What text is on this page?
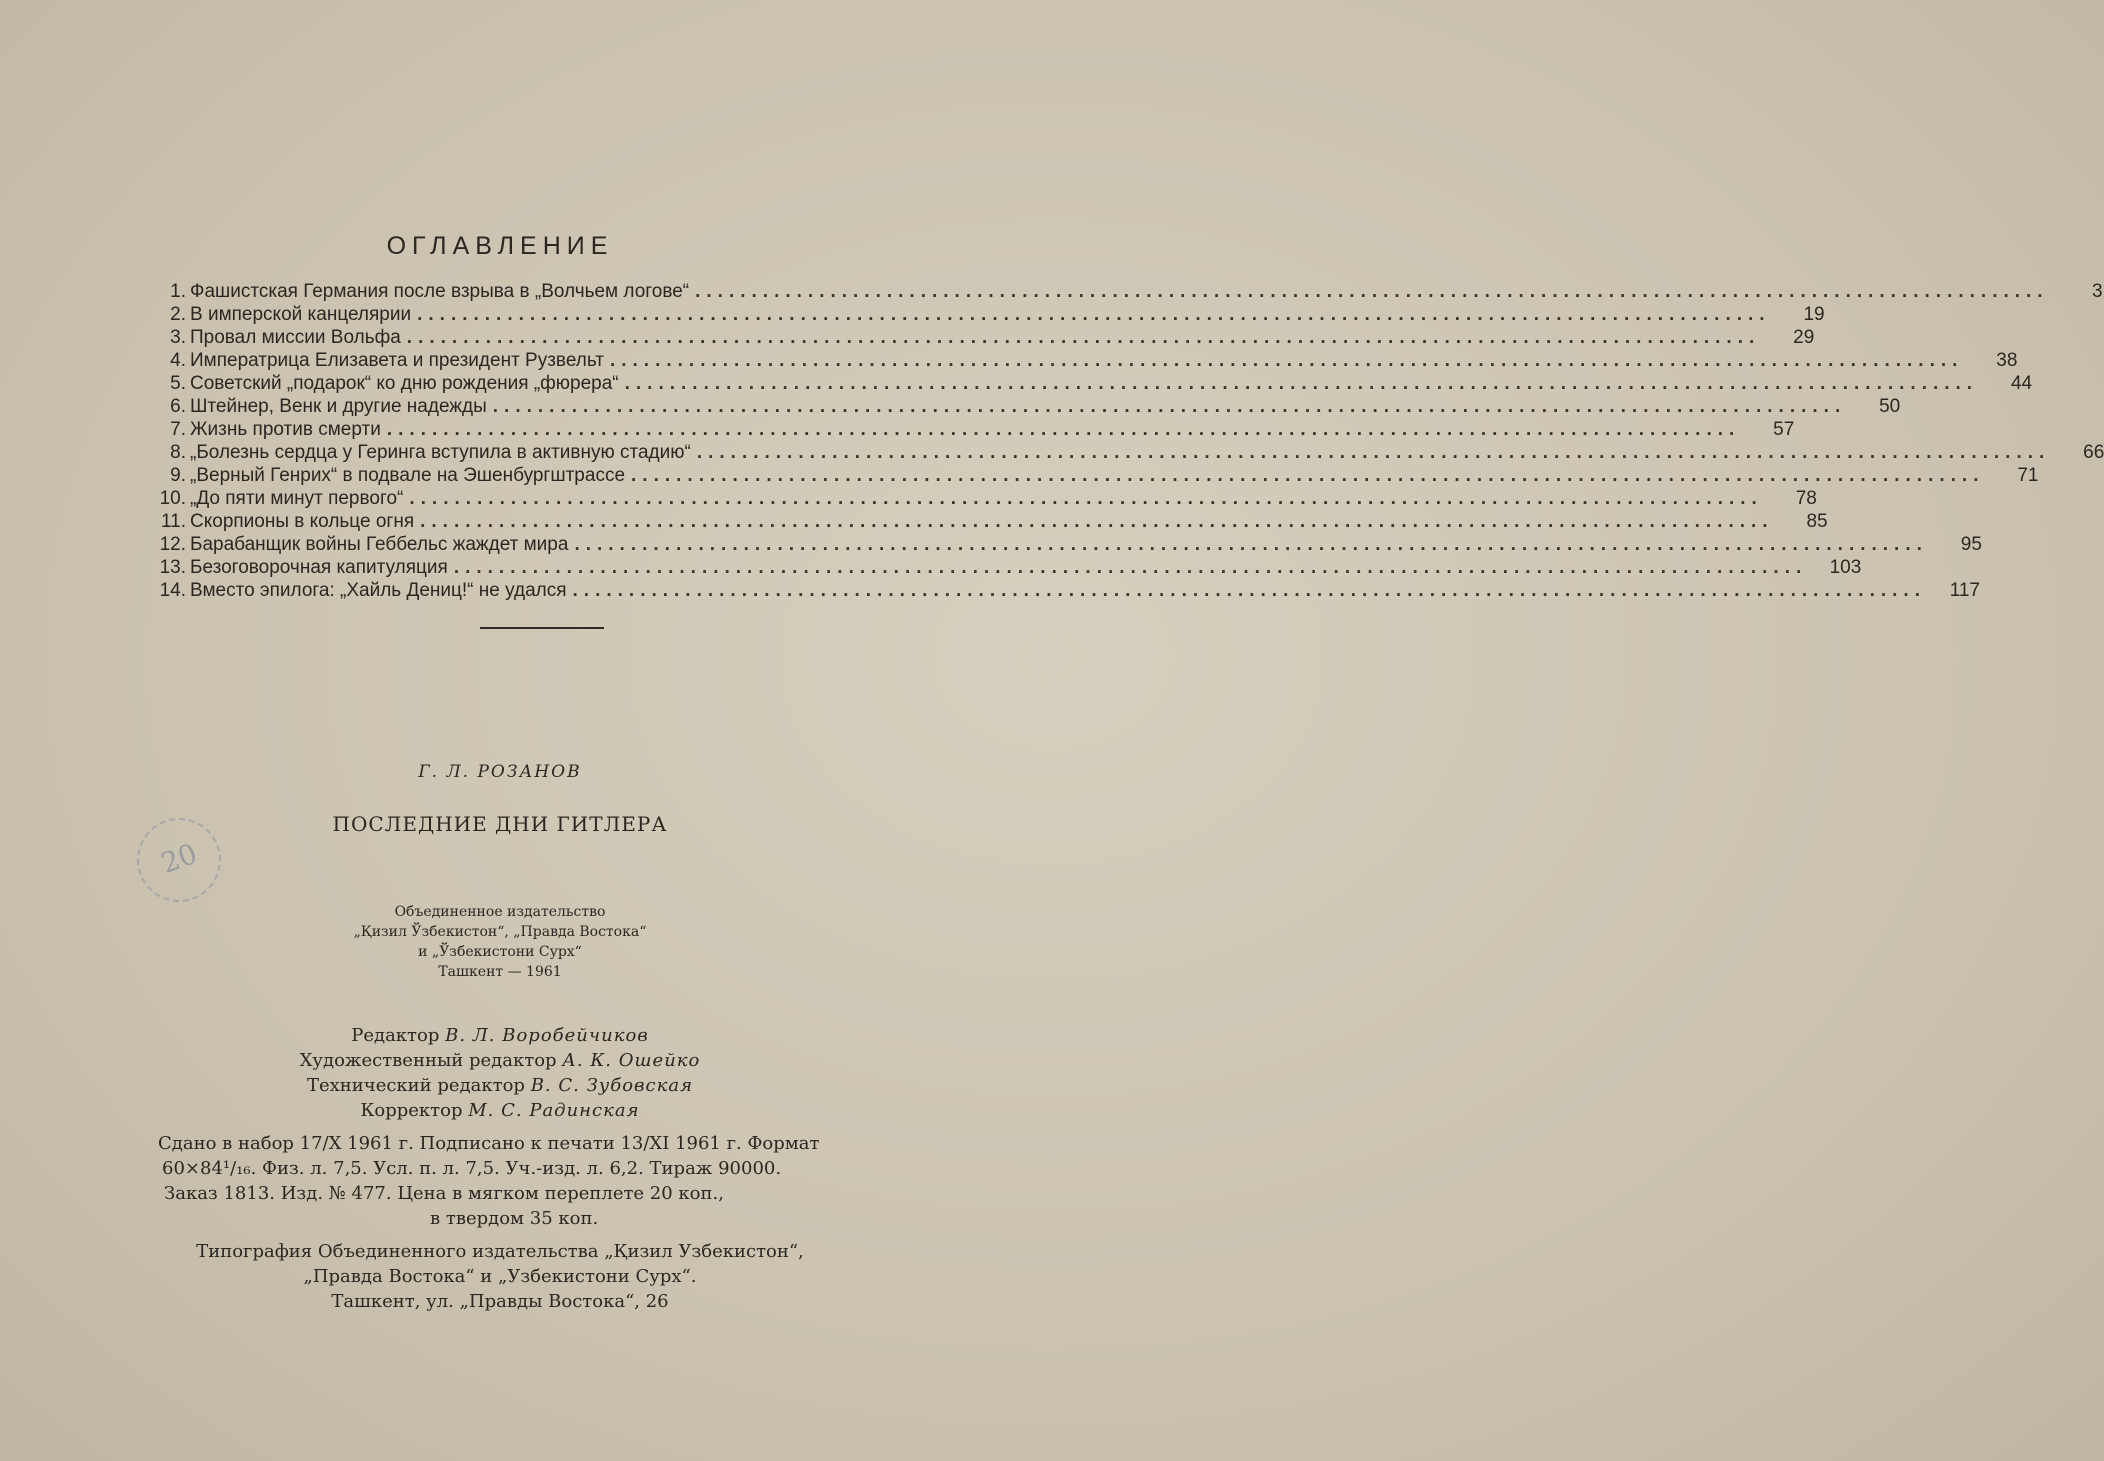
ОГЛАВЛЕНИЕ
1. Фашистская Германия после взрыва в „Волчьем логове“ ........................................................................................................................	3
2. В имперской канцелярии ........................................................................................................................	19
3. Провал миссии Вольфа ........................................................................................................................	29
4. Императрица Елизавета и президент Рузвельт ........................................................................................................................	38
5. Советский „подарок“ ко дню рождения „фюрера“ ........................................................................................................................	44
6. Штейнер, Венк и другие надежды ........................................................................................................................	50
7. Жизнь против смерти ........................................................................................................................	57
8. „Болезнь сердца у Геринга вступила в активную стадию“ ........................................................................................................................	66
9. „Верный Генрих“ в подвале на Эшенбургштрассе ........................................................................................................................	71
10. „До пяти минут первого“ ........................................................................................................................	78
11. Скорпионы в кольце огня ........................................................................................................................	85
12. Барабанщик войны Геббельс жаждет мира ........................................................................................................................	95
13. Безоговорочная капитуляция ........................................................................................................................	103
14. Вместо эпилога: „Хайль Дениц!“ не удался ........................................................................................................................	117
Г. Л. РОЗАНОВ
ПОСЛЕДНИЕ ДНИ ГИТЛЕРА
20
Объединенное издательство
„Қизил Ўзбекистон“, „Правда Востока“
и „Ўзбекистони Сурх“
Ташкент — 1961
Редактор В. Л. Воробейчиков
Художественный редактор А. К. Ошейко
Технический редактор В. С. Зубовская
Корректор М. С. Радинская
Сдано в набор 17/X 1961 г. Подписано к печати 13/XI 1961 г. Формат
60×84¹/₁₆. Физ. л. 7,5. Усл. п. л. 7,5. Уч.-изд. л. 6,2. Тираж 90000.
Заказ 1813. Изд. № 477. Цена в мягком переплете 20 коп.,
в твердом 35 коп.
Типография Объединенного издательства „Қизил Узбекистон“,
„Правда Востока“ и „Узбекистони Сурх“.
Ташкент, ул. „Правды Востока“, 26
